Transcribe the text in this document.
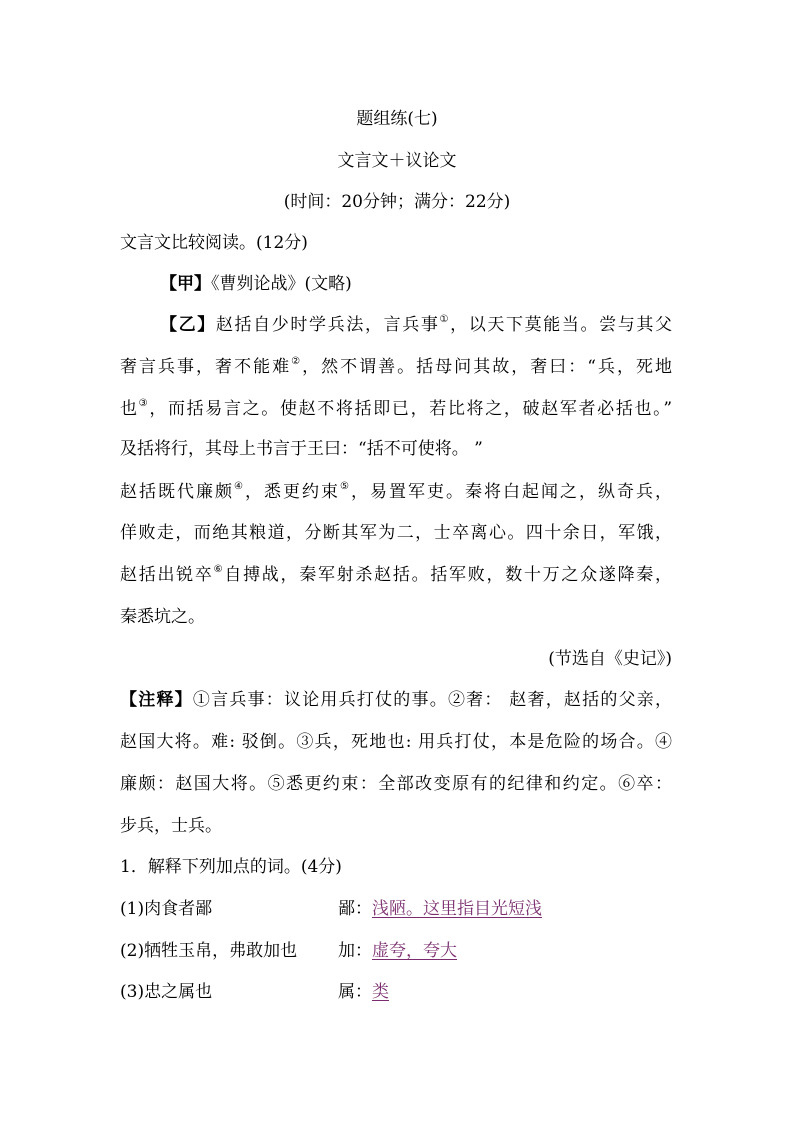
题组练(七)
文言文＋议论文
(时间：20分钟；满分：22分)
文言文比较阅读。(12分)
【甲】《曹刿论战》(文略)
【乙】赵括自少时学兵法，言兵事①，以天下莫能当。尝与其父
奢言兵事，奢不能难②，然不谓善。括母问其故，奢曰：“兵，死地
也③，而括易言之。使赵不将括即已，若比将之，破赵军者必括也。”
及括将行，其母上书言于王曰：“括不可使将。 ”
赵括既代廉颇④，悉更约束⑤，易置军吏。秦将白起闻之，纵奇兵，
佯败走，而绝其粮道，分断其军为二，士卒离心。四十余日，军饿，
赵括出锐卒⑥自搏战，秦军射杀赵括。括军败，数十万之众遂降秦，
秦悉坑之。
(节选自《史记》)
【注释】①言兵事：议论用兵打仗的事。②奢： 赵奢，赵括的父亲，
赵国大将。难: 驳倒。③兵，死地也: 用兵打仗，本是危险的场合。④
廉颇：赵国大将。⑤悉更约束：全部改变原有的纪律和约定。⑥卒：
步兵，士兵。
1．解释下列加点的词。(4分)
(1)肉食者鄙	鄙：浅陋。这里指目光短浅
(2)牺牲玉帛，弗敢加也 加：虚夸，夸大
(3)忠之属也	属：类
